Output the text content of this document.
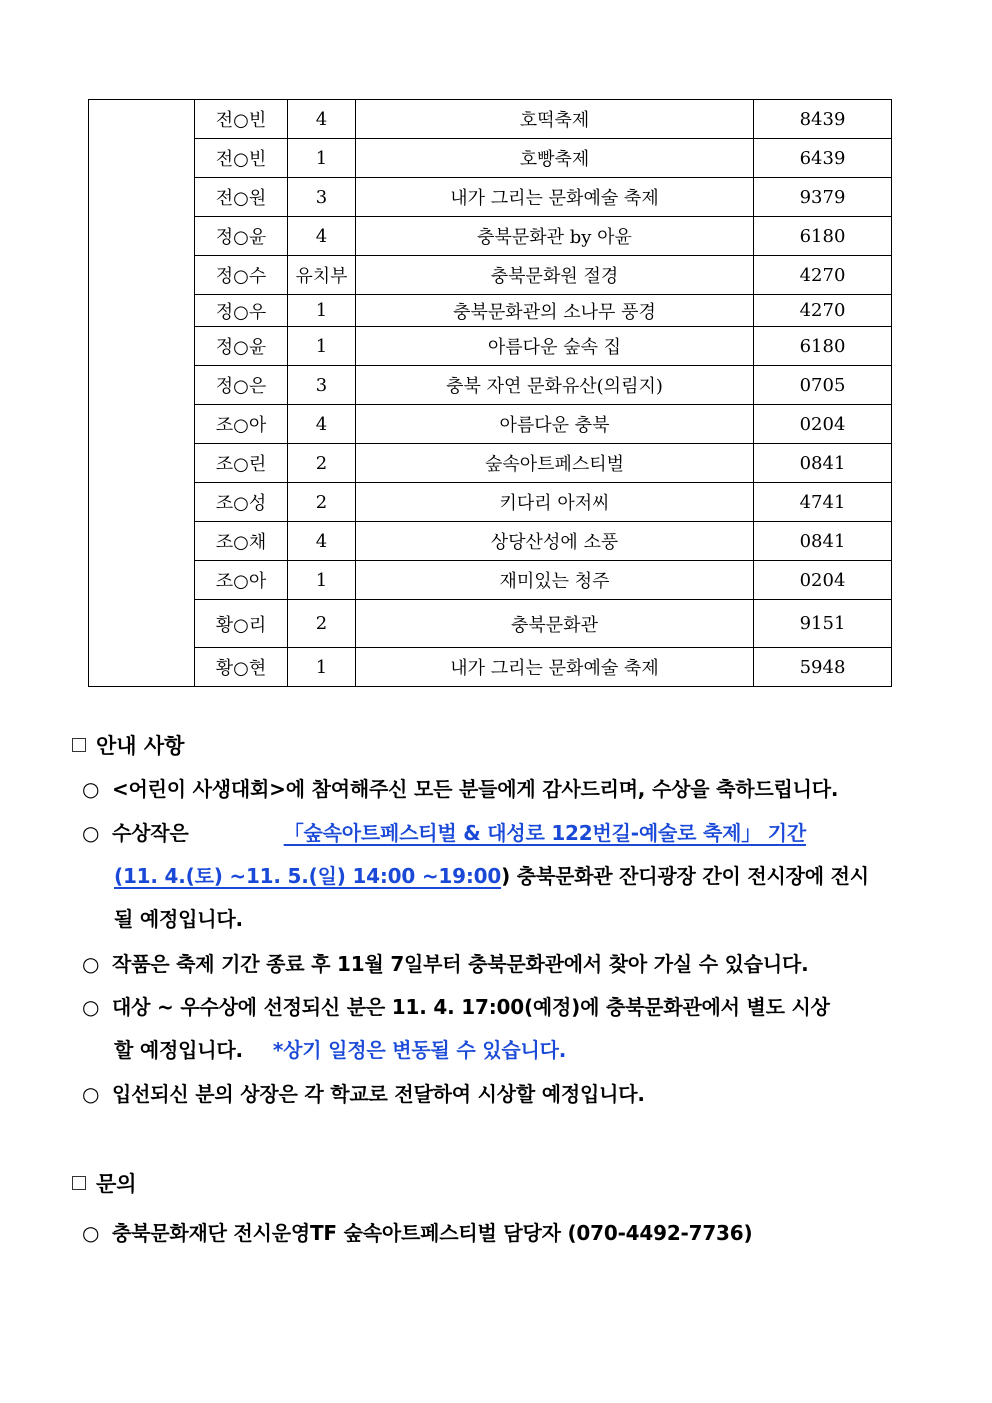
	전○빈	4	호떡축제	8439
	전○빈	1	호빵축제	6439
	전○원	3	내가 그리는 문화예술 축제	9379
	정○윤	4	충북문화관 by 아윤	6180
	정○수	유치부	충북문화원 절경	4270
	정○우	1	충북문화관의 소나무 풍경	4270
	정○윤	1	아름다운 숲속 집	6180
	정○은	3	충북 자연 문화유산(의림지)	0705
	조○아	4	아름다운 충북	0204
	조○린	2	숲속아트페스티벌	0841
	조○성	2	키다리 아저씨	4741
	조○채	4	상당산성에 소풍	0841
	조○아	1	재미있는 청주	0204
	황○리	2	충북문화관	9151
	황○현	1	내가 그리는 문화예술 축제	5948
안내 사항
○ <어린이 사생대회>에 참여해주신 모든 분들에게 감사드리며, 수상을 축하드립니다.
○ 수상작은	「숲속아트페스티벌 & 대성로 122번길-예술로 축제」 기간
(11. 4.(토) ~11. 5.(일) 14:00 ~19:00) 충북문화관 잔디광장 간이 전시장에 전시
될 예정입니다.
○ 작품은 축제 기간 종료 후 11월 7일부터 충북문화관에서 찾아 가실 수 있습니다.
○ 대상 ~ 우수상에 선정되신 분은 11. 4. 17:00(예정)에 충북문화관에서 별도 시상
할 예정입니다. *상기 일정은 변동될 수 있습니다.
○ 입선되신 분의 상장은 각 학교로 전달하여 시상할 예정입니다.
문의
○ 충북문화재단 전시운영TF 숲속아트페스티벌 담당자 (070-4492-7736)
